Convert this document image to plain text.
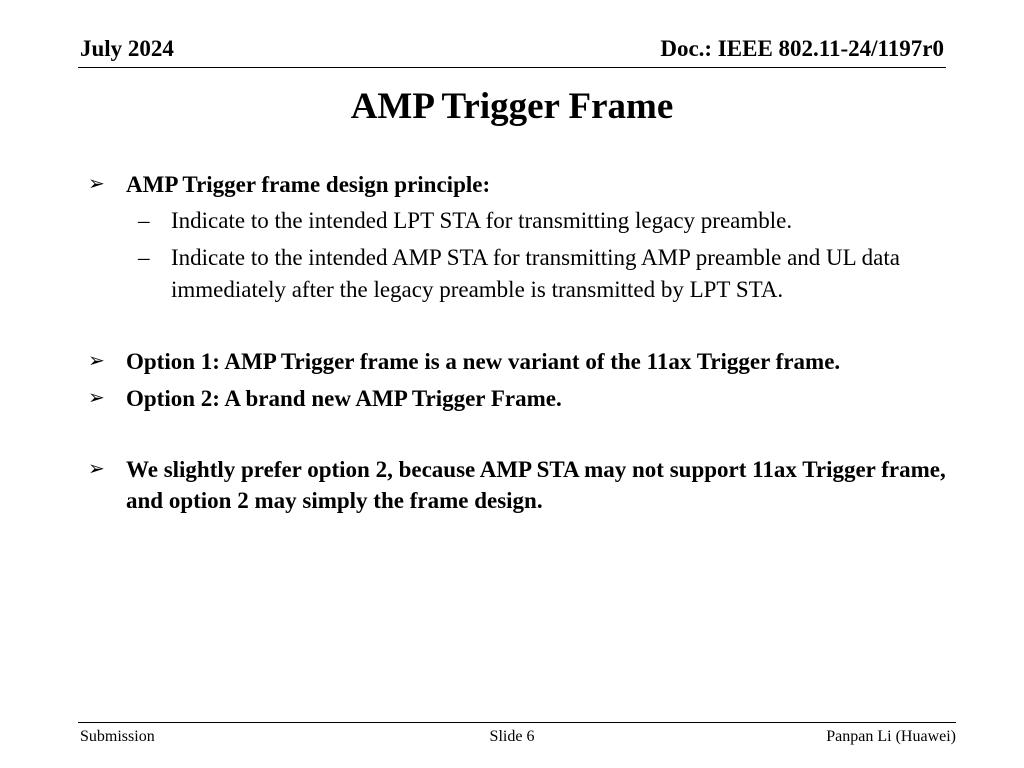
July 2024	Doc.: IEEE 802.11-24/1197r0
AMP Trigger Frame
➢ AMP Trigger frame design principle:
– Indicate to the intended LPT STA for transmitting legacy preamble.
– Indicate to the intended AMP STA for transmitting AMP preamble and UL data immediately after the legacy preamble is transmitted by LPT STA.
➢ Option 1: AMP Trigger frame is a new variant of the 11ax Trigger frame.
➢ Option 2: A brand new AMP Trigger Frame.
➢ We slightly prefer option 2, because AMP STA may not support 11ax Trigger frame, and option 2 may simply the frame design.
Submission	Slide 6	Panpan Li (Huawei)
